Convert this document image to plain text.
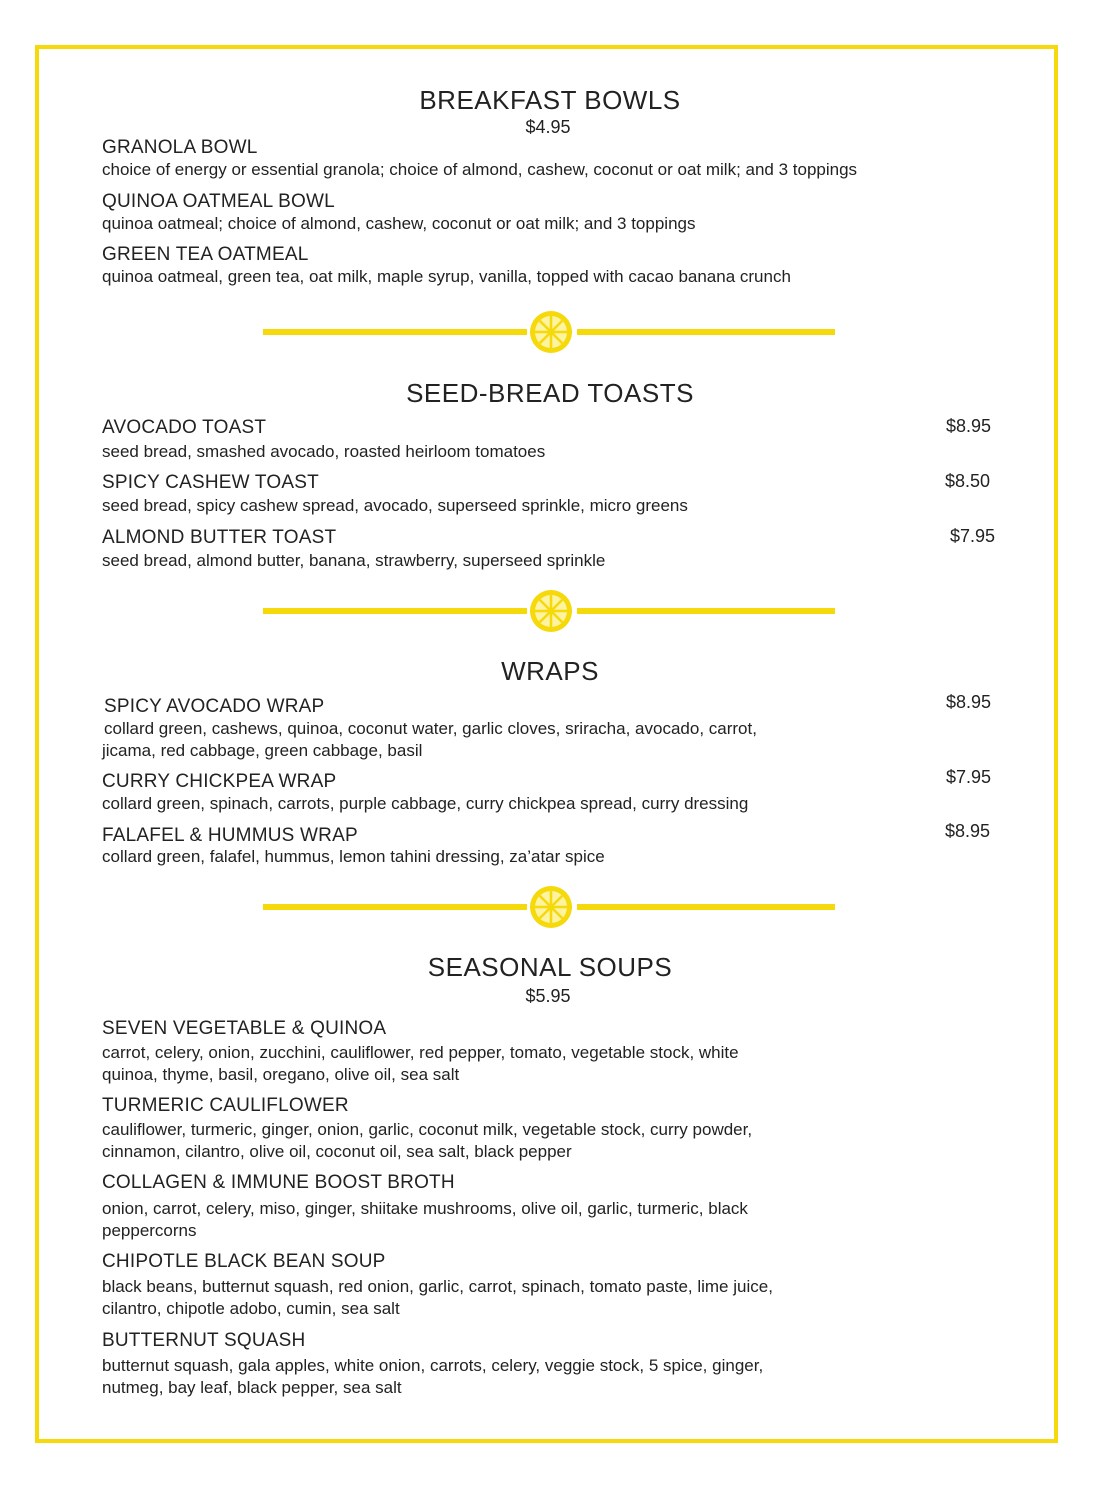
BREAKFAST BOWLS
$4.95
GRANOLA BOWL
choice of energy or essential granola; choice of almond, cashew, coconut or oat milk; and 3 toppings
QUINOA OATMEAL BOWL
quinoa oatmeal; choice of almond, cashew, coconut or oat milk; and 3 toppings
GREEN TEA OATMEAL
quinoa oatmeal, green tea, oat milk, maple syrup, vanilla, topped with cacao banana crunch
SEED-BREAD TOASTS
AVOCADO TOAST	$8.95
seed bread, smashed avocado, roasted heirloom tomatoes
SPICY CASHEW TOAST	$8.50
seed bread, spicy cashew spread, avocado, superseed sprinkle, micro greens
ALMOND BUTTER TOAST	$7.95
seed bread, almond butter, banana, strawberry, superseed sprinkle
WRAPS
SPICY AVOCADO WRAP	$8.95
collard green, cashews, quinoa, coconut water, garlic cloves, sriracha, avocado, carrot,
jicama, red cabbage, green cabbage, basil
CURRY CHICKPEA WRAP	$7.95
collard green, spinach, carrots, purple cabbage, curry chickpea spread, curry dressing
FALAFEL & HUMMUS WRAP	$8.95
collard green, falafel, hummus, lemon tahini dressing, za’atar spice
SEASONAL SOUPS
$5.95
SEVEN VEGETABLE & QUINOA
carrot, celery, onion, zucchini, cauliflower, red pepper, tomato, vegetable stock, white
quinoa, thyme, basil, oregano, olive oil, sea salt
TURMERIC CAULIFLOWER
cauliflower, turmeric, ginger, onion, garlic, coconut milk, vegetable stock, curry powder,
cinnamon, cilantro, olive oil, coconut oil, sea salt, black pepper
COLLAGEN & IMMUNE BOOST BROTH
onion, carrot, celery, miso, ginger, shiitake mushrooms, olive oil, garlic, turmeric, black
peppercorns
CHIPOTLE BLACK BEAN SOUP
black beans, butternut squash, red onion, garlic, carrot, spinach, tomato paste, lime juice,
cilantro, chipotle adobo, cumin, sea salt
BUTTERNUT SQUASH
butternut squash, gala apples, white onion, carrots, celery, veggie stock, 5 spice, ginger,
nutmeg, bay leaf, black pepper, sea salt
